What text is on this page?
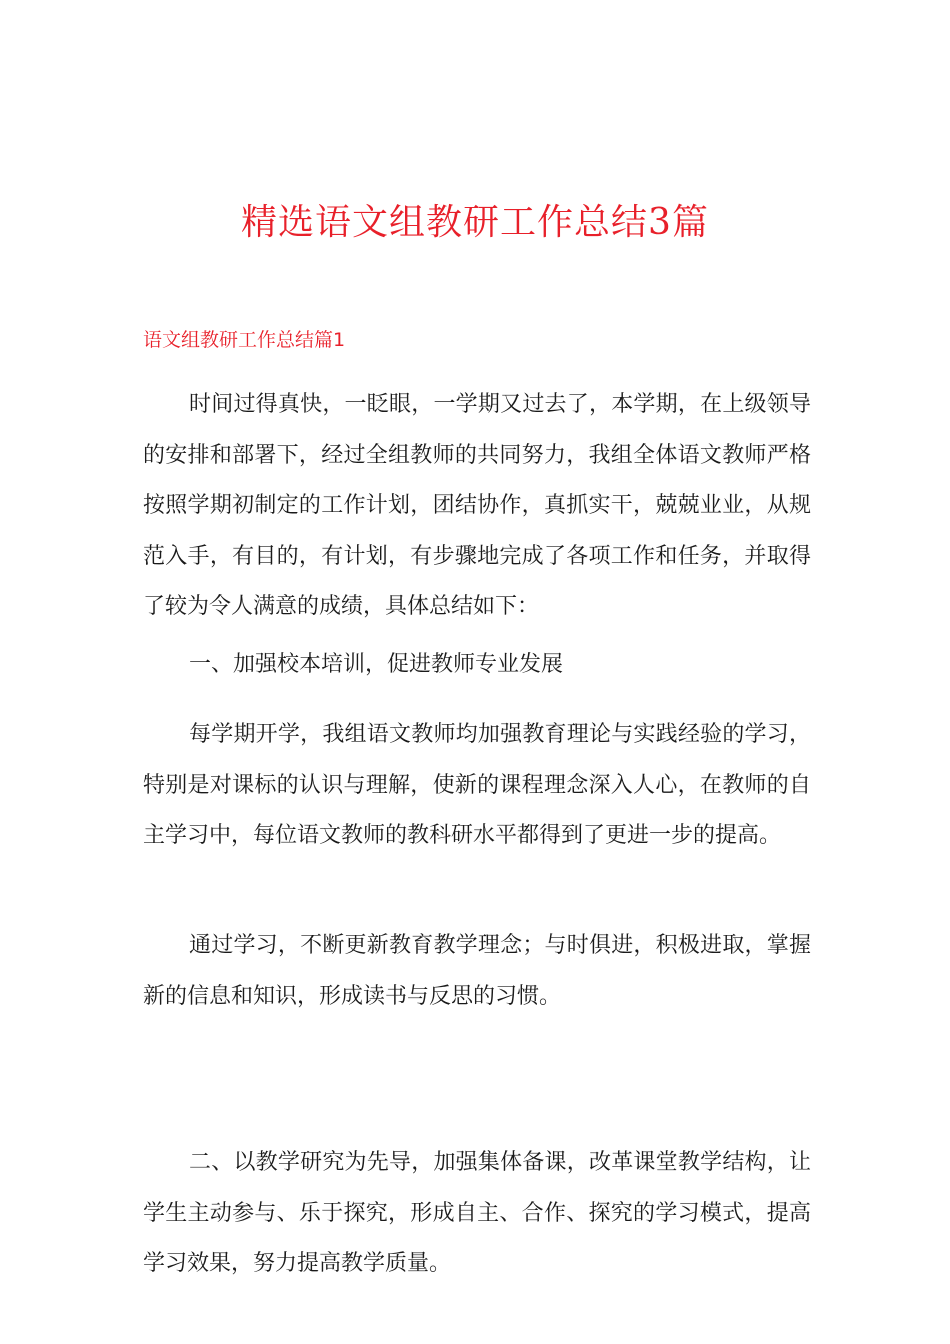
精选语文组教研工作总结3篇
语文组教研工作总结篇1

时间过得真快，一眨眼，一学期又过去了，本学期，在上级领导的安排和部署下，经过全组教师的共同努力，我组全体语文教师严格按照学期初制定的工作计划，团结协作，真抓实干，兢兢业业，从规范入手，有目的，有计划，有步骤地完成了各项工作和任务，并取得了较为令人满意的成绩，具体总结如下：

一、加强校本培训，促进教师专业发展

每学期开学，我组语文教师均加强教育理论与实践经验的学习，特别是对课标的认识与理解，使新的课程理念深入人心，在教师的自主学习中，每位语文教师的教科研水平都得到了更进一步的提高。

通过学习，不断更新教育教学理念；与时俱进，积极进取，掌握新的信息和知识，形成读书与反思的习惯。

二、以教学研究为先导，加强集体备课，改革课堂教学结构，让学生主动参与、乐于探究，形成自主、合作、探究的学习模式，提高学习效果，努力提高教学质量。
